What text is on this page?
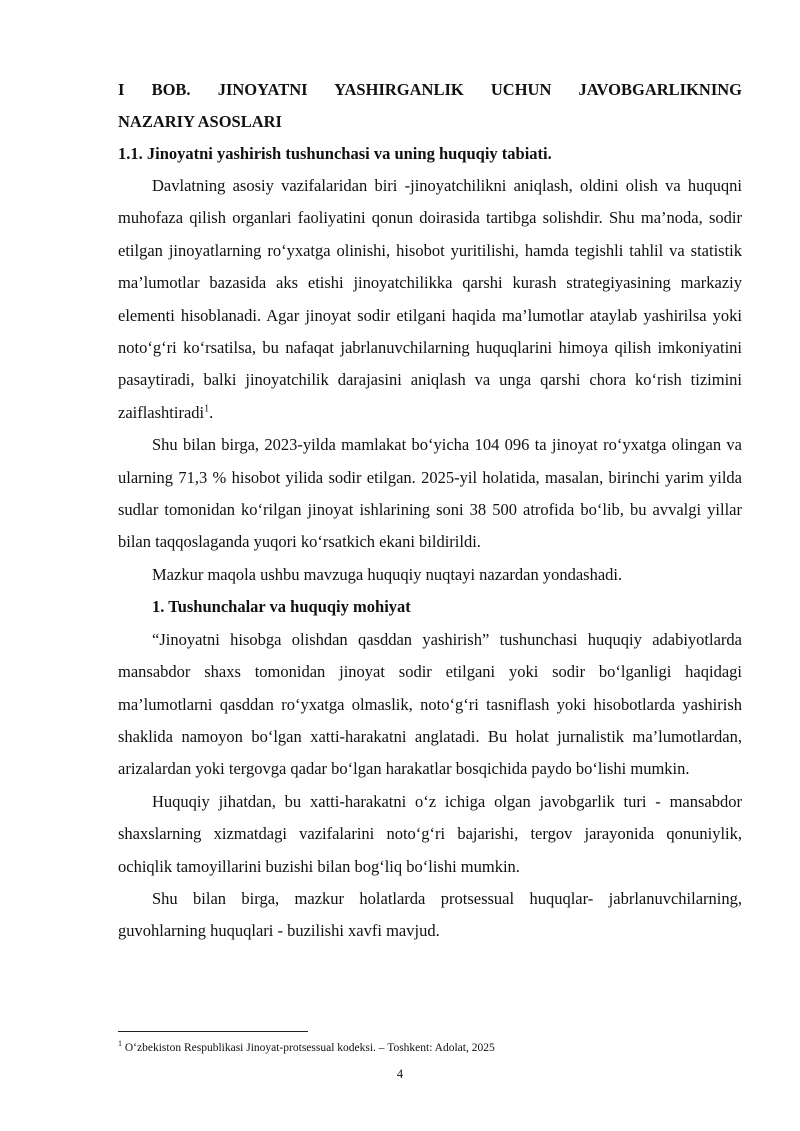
I BOB. JINOYATNI YASHIRGANLIK UCHUN JAVOBGARLIKNING
NAZARIY ASOSLARI
1.1. Jinoyatni yashirish tushunchasi va uning huquqiy tabiati.

Davlatning asosiy vazifalaridan biri -jinoyatchilikni aniqlash, oldini olish va huquqni muhofaza qilish organlari faoliyatini qonun doirasida tartibga solishdir. Shu ma’noda, sodir etilgan jinoyatlarning ro‘yxatga olinishi, hisobot yuritilishi, hamda tegishli tahlil va statistik ma’lumotlar bazasida aks etishi jinoyatchilikka qarshi kurash strategiyasining markaziy elementi hisoblanadi. Agar jinoyat sodir etilgani haqida ma’lumotlar ataylab yashirilsa yoki noto‘g‘ri ko‘rsatilsa, bu nafaqat jabrlanuvchilarning huquqlarini himoya qilish imkoniyatini pasaytiradi, balki jinoyatchilik darajasini aniqlash va unga qarshi chora ko‘rish tizimini zaiflashtiradi$^1$.

Shu bilan birga, 2023-yilda mamlakat bo‘yicha 104 096 ta jinoyat ro‘yxatga olingan va ularning 71,3 % hisobot yilida sodir etilgan. 2025-yil holatida, masalan, birinchi yarim yilda sudlar tomonidan ko‘rilgan jinoyat ishlarining soni 38 500 atrofida bo‘lib, bu avvalgi yillar bilan taqqoslaganda yuqori ko‘rsatkich ekani bildirildi.

Mazkur maqola ushbu mavzuga huquqiy nuqtayi nazardan yondashadi.

1. Tushunchalar va huquqiy mohiyat

“Jinoyatni hisobga olishdan qasddan yashirish” tushunchasi huquqiy adabiyotlarda mansabdor shaxs tomonidan jinoyat sodir etilgani yoki sodir bo‘lganligi haqidagi ma’lumotlarni qasddan ro‘yxatga olmaslik, noto‘g‘ri tasniflash yoki hisobotlarda yashirish shaklida namoyon bo‘lgan xatti-harakatni anglatadi. Bu holat jurnalistik ma’lumotlardan, arizalardan yoki tergovga qadar bo‘lgan harakatlar bosqichida paydo bo‘lishi mumkin.

Huquqiy jihatdan, bu xatti-harakatni o‘z ichiga olgan javobgarlik turi - mansabdor shaxslarning xizmatdagi vazifalarini noto‘g‘ri bajarishi, tergov jarayonida qonuniylik, ochiqlik tamoyillarini buzishi bilan bog‘liq bo‘lishi mumkin.

Shu bilan birga, mazkur holatlarda protsessual huquqlar- jabrlanuvchilarning, guvohlarning huquqlari - buzilishi xavfi mavjud.

$^1$ O‘zbekiston Respublikasi Jinoyat-protsessual kodeksi. – Toshkent: Adolat, 2025
4
